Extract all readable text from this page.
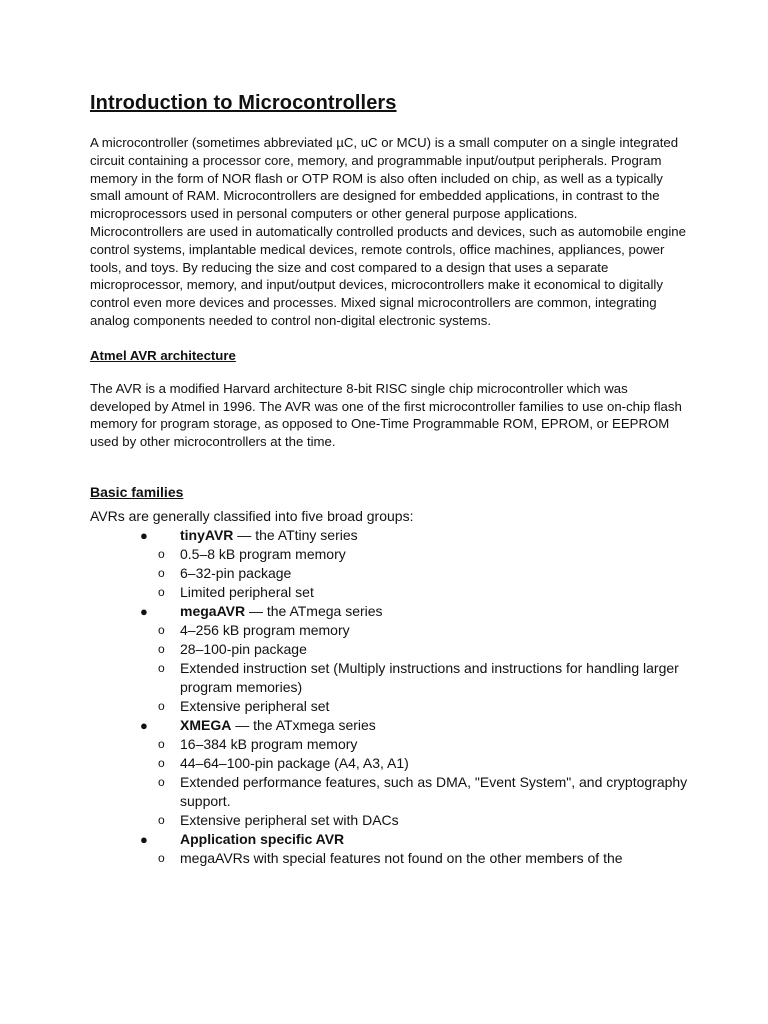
Introduction to Microcontrollers

A microcontroller (sometimes abbreviated µC, uC or MCU) is a small computer on a single integrated circuit containing a processor core, memory, and programmable input/output peripherals. Program memory in the form of NOR flash or OTP ROM is also often included on chip, as well as a typically small amount of RAM. Microcontrollers are designed for embedded applications, in contrast to the microprocessors used in personal computers or other general purpose applications.

Microcontrollers are used in automatically controlled products and devices, such as automobile engine control systems, implantable medical devices, remote controls, office machines, appliances, power tools, and toys. By reducing the size and cost compared to a design that uses a separate microprocessor, memory, and input/output devices, microcontrollers make it economical to digitally control even more devices and processes. Mixed signal microcontrollers are common, integrating analog components needed to control non-digital electronic systems.

Atmel AVR architecture

The AVR is a modified Harvard architecture 8-bit RISC single chip microcontroller which was developed by Atmel in 1996. The AVR was one of the first microcontroller families to use on-chip flash memory for program storage, as opposed to One-Time Programmable ROM, EPROM, or EEPROM used by other microcontrollers at the time.

Basic families

AVRs are generally classified into five broad groups:

● tinyAVR — the ATtiny series
o 0.5–8 kB program memory
o 6–32-pin package
o Limited peripheral set
● megaAVR — the ATmega series
o 4–256 kB program memory
o 28–100-pin package
o Extended instruction set (Multiply instructions and instructions for handling larger program memories)
o Extensive peripheral set
● XMEGA — the ATxmega series
o 16–384 kB program memory
o 44–64–100-pin package (A4, A3, A1)
o Extended performance features, such as DMA, "Event System", and cryptography support.
o Extensive peripheral set with DACs
● Application specific AVR
o megaAVRs with special features not found on the other members of the
